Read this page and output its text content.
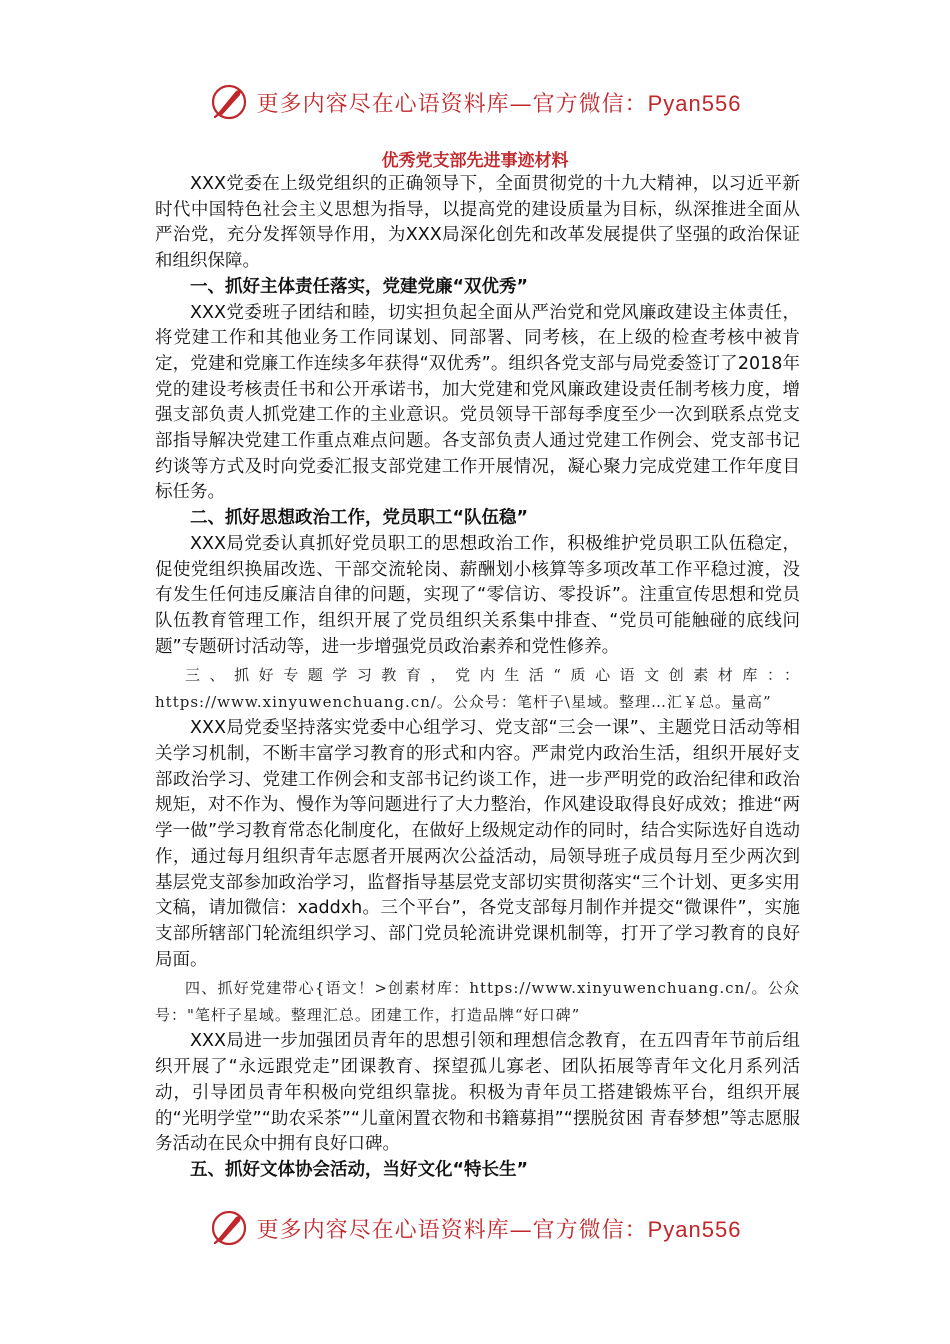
更多内容尽在心语资料库—官方微信：Pyan556
优秀党支部先进事迹材料

XXX党委在上级党组织的正确领导下，全面贯彻党的十九大精神，以习近平新时代中国特色社会主义思想为指导，以提高党的建设质量为目标，纵深推进全面从严治党，充分发挥领导作用，为XXX局深化创先和改革发展提供了坚强的政治保证和组织保障。

一、抓好主体责任落实，党建党廉“双优秀”

XXX党委班子团结和睦，切实担负起全面从严治党和党风廉政建设主体责任，将党建工作和其他业务工作同谋划、同部署、同考核，在上级的检查考核中被肯定，党建和党廉工作连续多年获得“双优秀”。组织各党支部与局党委签订了2018年党的建设考核责任书和公开承诺书，加大党建和党风廉政建设责任制考核力度，增强支部负责人抓党建工作的主业意识。党员领导干部每季度至少一次到联系点党支部指导解决党建工作重点难点问题。各支部负责人通过党建工作例会、党支部书记约谈等方式及时向党委汇报支部党建工作开展情况，凝心聚力完成党建工作年度目标任务。

二、抓好思想政治工作，党员职工“队伍稳”

XXX局党委认真抓好党员职工的思想政治工作，积极维护党员职工队伍稳定，促使党组织换届改选、干部交流轮岗、薪酬划小核算等多项改革工作平稳过渡，没有发生任何违反廉洁自律的问题，实现了“零信访、零投诉”。注重宣传思想和党员队伍教育管理工作，组织开展了党员组织关系集中排查、“党员可能触碰的底线问题”专题研讨活动等，进一步增强党员政治素养和党性修养。

三、抓好专题学习教育，党内生活“质心语文创素材库：：https://www.xinyuwenchuang.cn/。公众号：笔杆子\星域。整理…汇￥总。量高”

XXX局党委坚持落实党委中心组学习、党支部“三会一课”、主题党日活动等相关学习机制，不断丰富学习教育的形式和内容。严肃党内政治生活，组织开展好支部政治学习、党建工作例会和支部书记约谈工作，进一步严明党的政治纪律和政治规矩，对不作为、慢作为等问题进行了大力整治，作风建设取得良好成效；推进“两学一做”学习教育常态化制度化，在做好上级规定动作的同时，结合实际选好自选动作，通过每月组织青年志愿者开展两次公益活动，局领导班子成员每月至少两次到基层党支部参加政治学习，监督指导基层党支部切实贯彻落实“三个计划、更多实用文稿，请加微信：xaddxh。三个平台”，各党支部每月制作并提交“微课件”，实施支部所辖部门轮流组织学习、部门党员轮流讲党课机制等，打开了学习教育的良好局面。

四、抓好党建带心{语文！>创素材库：https://www.xinyuwenchuang.cn/。公众号："笔杆子星域。整理汇总。团建工作，打造品牌“好口碑”

XXX局进一步加强团员青年的思想引领和理想信念教育，在五四青年节前后组织开展了“永远跟党走”团课教育、探望孤儿寡老、团队拓展等青年文化月系列活动，引导团员青年积极向党组织靠拢。积极为青年员工搭建锻炼平台，组织开展的“光明学堂”“助农采茶”“儿童闲置衣物和书籍募捐”“摆脱贫困 青春梦想”等志愿服务活动在民众中拥有良好口碑。

五、抓好文体协会活动，当好文化“特长生”

更多内容尽在心语资料库—官方微信：Pyan556
